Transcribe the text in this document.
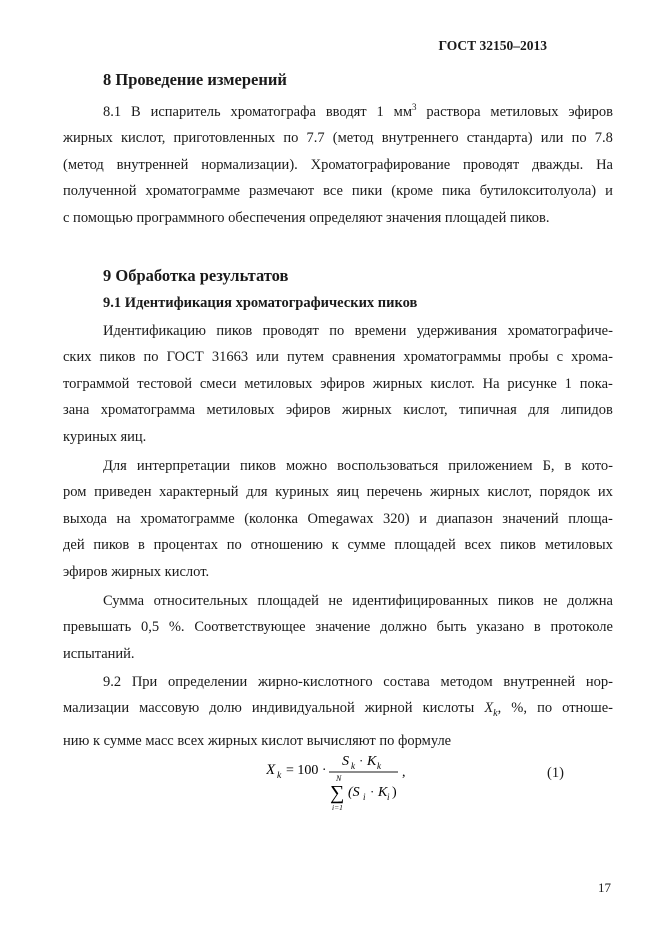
ГОСТ 32150–2013
8 Проведение измерений
8.1 В испаритель хроматографа вводят 1 $мм^3$ раствора метиловых эфиров
жирных кислот, приготовленных по 7.7 (метод внутреннего стандарта) или по 7.8
(метод внутренней нормализации). Хроматографирование проводят дважды. На
полученной хроматограмме размечают все пики (кроме пика бутилокситолуола) и
с помощью программного обеспечения определяют значения площадей пиков.
9 Обработка результатов
9.1 Идентификация хроматографических пиков
Идентификацию пиков проводят по времени удерживания хроматографиче-
ских пиков по ГОСТ 31663 или путем сравнения хроматограммы пробы с хрома-
тограммой тестовой смеси метиловых эфиров жирных кислот. На рисунке 1 пока-
зана хроматограмма метиловых эфиров жирных кислот, типичная для липидов
куриных яиц.
Для интерпретации пиков можно воспользоваться приложением Б, в кото-
ром приведен характерный для куриных яиц перечень жирных кислот, порядок их
выхода на хроматограмме (колонка Omegawax 320) и диапазон значений площа-
дей пиков в процентах по отношению к сумме площадей всех пиков метиловых
эфиров жирных кислот.
Сумма относительных площадей не идентифицированных пиков не должна
превышать 0,5 %. Соответствующее значение должно быть указано в протоколе
испытаний.
9.2 При определении жирно-кислотного состава методом внутренней нор-
мализации массовую долю индивидуальной жирной кислоты $X_k$, %, по отноше-
нию к сумме масс всех жирных кислот вычисляют по формуле
X k = 100 ·
S k · K k
N
∑
i=1
(S i · K i )
,	(1)
17
